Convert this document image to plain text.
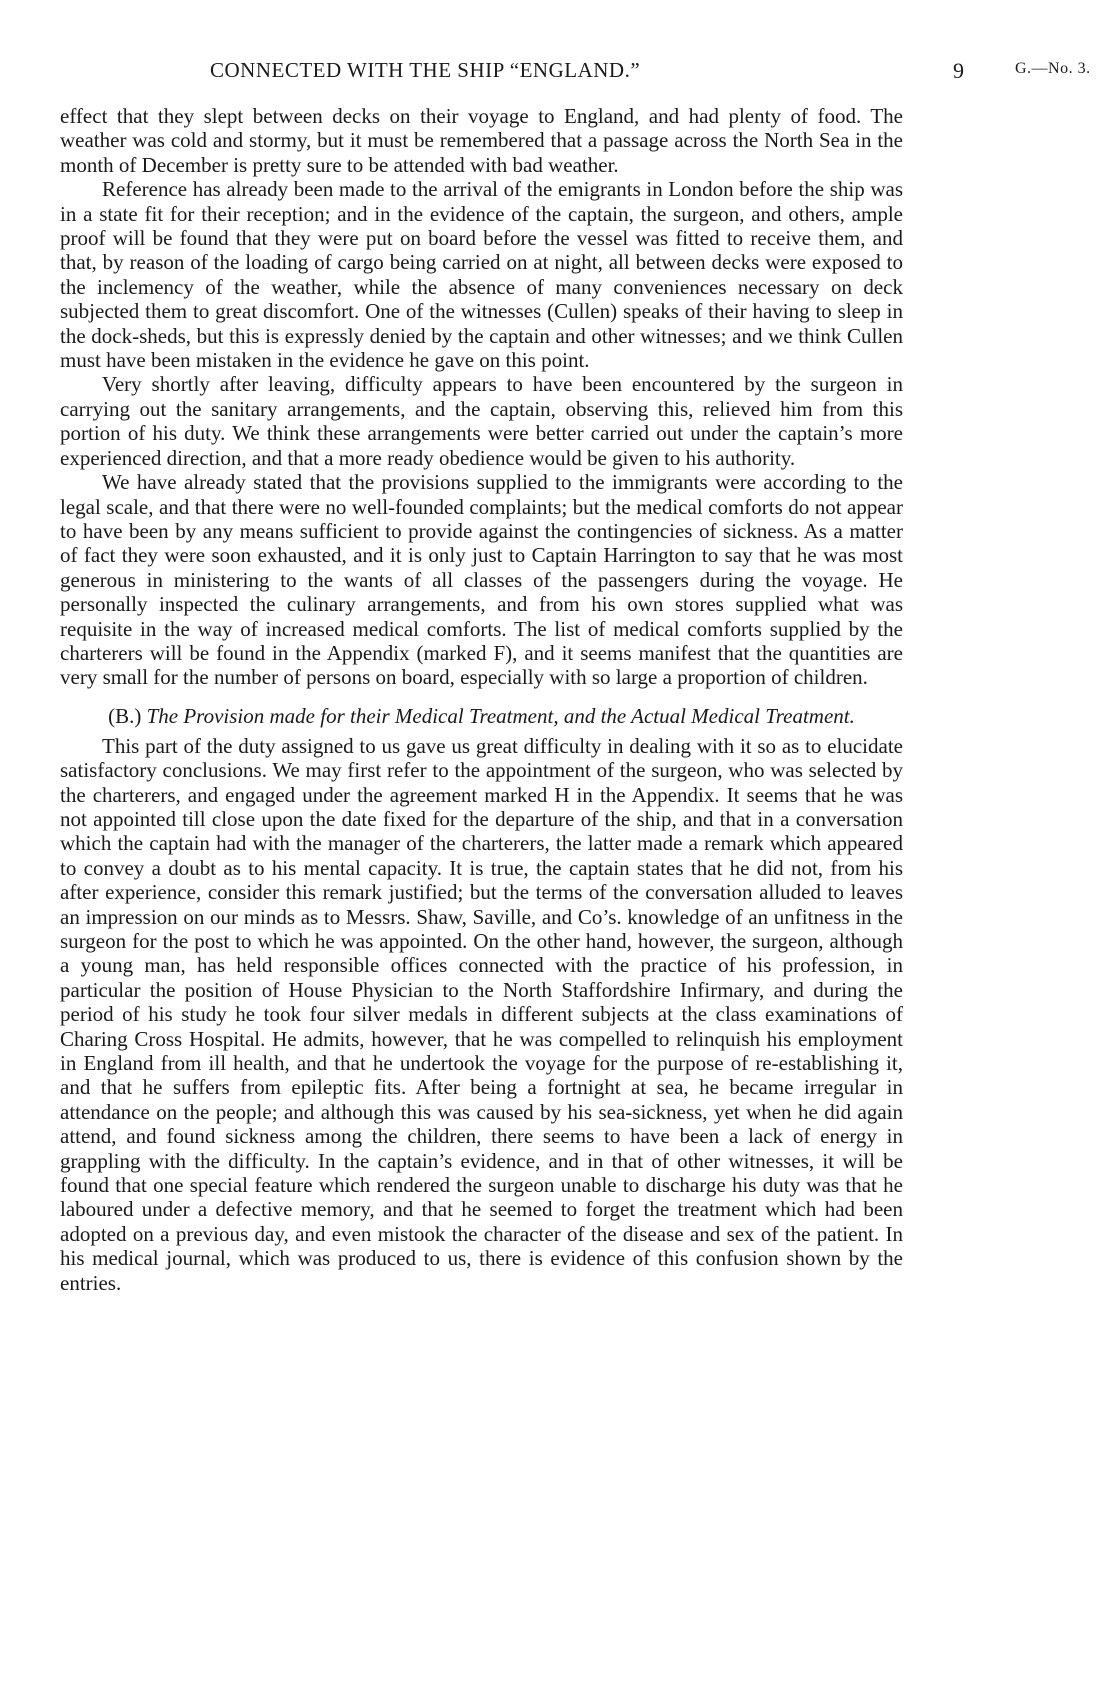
CONNECTED WITH THE SHIP “ENGLAND.”	9	G.—No. 3.

effect that they slept between decks on their voyage to England, and had plenty of food. The weather was cold and stormy, but it must be remembered that a passage across the North Sea in the month of December is pretty sure to be attended with bad weather.

Reference has already been made to the arrival of the emigrants in London before the ship was in a state fit for their reception; and in the evidence of the captain, the surgeon, and others, ample proof will be found that they were put on board before the vessel was fitted to receive them, and that, by reason of the loading of cargo being carried on at night, all between decks were exposed to the inclemency of the weather, while the absence of many conveniences necessary on deck subjected them to great discomfort. One of the witnesses (Cullen) speaks of their having to sleep in the dock-sheds, but this is expressly denied by the captain and other witnesses; and we think Cullen must have been mistaken in the evidence he gave on this point.

Very shortly after leaving, difficulty appears to have been encountered by the surgeon in carrying out the sanitary arrangements, and the captain, observing this, relieved him from this portion of his duty. We think these arrangements were better carried out under the captain’s more experienced direction, and that a more ready obedience would be given to his authority.

We have already stated that the provisions supplied to the immigrants were according to the legal scale, and that there were no well-founded complaints; but the medical comforts do not appear to have been by any means sufficient to provide against the contingencies of sickness. As a matter of fact they were soon exhausted, and it is only just to Captain Harrington to say that he was most generous in ministering to the wants of all classes of the passengers during the voyage. He personally inspected the culinary arrangements, and from his own stores supplied what was requisite in the way of increased medical comforts. The list of medical comforts supplied by the charterers will be found in the Appendix (marked F), and it seems manifest that the quantities are very small for the number of persons on board, especially with so large a proportion of children.

(B.) The Provision made for their Medical Treatment, and the Actual Medical Treatment.

This part of the duty assigned to us gave us great difficulty in dealing with it so as to elucidate satisfactory conclusions. We may first refer to the appointment of the surgeon, who was selected by the charterers, and engaged under the agreement marked H in the Appendix. It seems that he was not appointed till close upon the date fixed for the departure of the ship, and that in a conversation which the captain had with the manager of the charterers, the latter made a remark which appeared to convey a doubt as to his mental capacity. It is true, the captain states that he did not, from his after experience, consider this remark justified; but the terms of the conversation alluded to leaves an impression on our minds as to Messrs. Shaw, Saville, and Co’s. knowledge of an unfitness in the surgeon for the post to which he was appointed. On the other hand, however, the surgeon, although a young man, has held responsible offices connected with the practice of his profession, in particular the position of House Physician to the North Staffordshire Infirmary, and during the period of his study he took four silver medals in different subjects at the class examinations of Charing Cross Hospital. He admits, however, that he was compelled to relinquish his employment in England from ill health, and that he undertook the voyage for the purpose of re-establishing it, and that he suffers from epileptic fits. After being a fortnight at sea, he became irregular in attendance on the people; and although this was caused by his sea-sickness, yet when he did again attend, and found sickness among the children, there seems to have been a lack of energy in grappling with the difficulty. In the captain’s evidence, and in that of other witnesses, it will be found that one special feature which rendered the surgeon unable to discharge his duty was that he laboured under a defective memory, and that he seemed to forget the treatment which had been adopted on a previous day, and even mistook the character of the disease and sex of the patient. In his medical journal, which was produced to us, there is evidence of this confusion shown by the entries.
